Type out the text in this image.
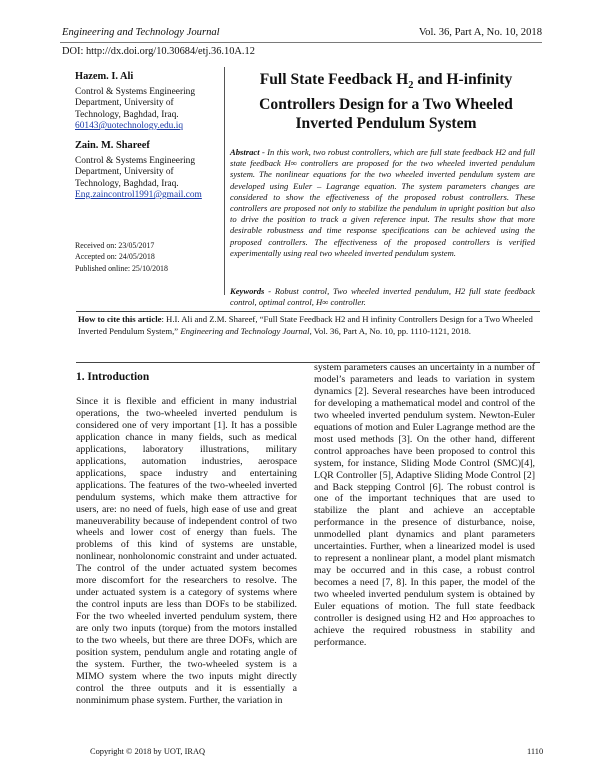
Engineering and Technology Journal	Vol. 36, Part A, No. 10, 2018
DOI: http://dx.doi.org/10.30684/etj.36.10A.12
Hazem. I. Ali
Control & Systems Engineering Department, University of Technology, Baghdad, Iraq.
60143@uotechnology.edu.iq
Zain. M. Shareef
Control & Systems Engineering Department, University of Technology, Baghdad, Iraq.
Eng.zaincontrol1991@gmail.com
Received on: 23/05/2017
Accepted on: 24/05/2018
Published online: 25/10/2018
Full State Feedback $H_2$ and H-infinity Controllers Design for a Two Wheeled Inverted Pendulum System
Abstract - In this work, two robust controllers, which are full state feedback H2 and full state feedback H∞ controllers are proposed for the two wheeled inverted pendulum system. The nonlinear equations for the two wheeled inverted pendulum system are developed using Euler – Lagrange equation. The system parameters changes are considered to show the effectiveness of the proposed robust controllers. These controllers are proposed not only to stabilize the pendulum in upright position but also to drive the position to track a given reference input. The results show that more desirable robustness and time response specifications can be achieved using the proposed controllers. The effectiveness of the proposed controllers is verified experimentally using real two wheeled inverted pendulum system.
Keywords - Robust control, Two wheeled inverted pendulum, H2 full state feedback control, optimal control, H∞ controller.
How to cite this article: H.I. Ali and Z.M. Shareef, “Full State Feedback H2 and H infinity Controllers Design for a Two Wheeled Inverted Pendulum System,” Engineering and Technology Journal, Vol. 36, Part A, No. 10, pp. 1110-1121, 2018.
1. Introduction
Since it is flexible and efficient in many industrial operations, the two-wheeled inverted pendulum is considered one of very important [1]. It has a possible application chance in many fields, such as medical applications, laboratory illustrations, military applications, automation industries, aerospace applications, space industry and entertaining applications. The features of the two-wheeled inverted pendulum systems, which make them attractive for users, are: no need of fuels, high ease of use and great maneuverability because of independent control of two wheels and lower cost of energy than fuels. The problems of this kind of systems are unstable, nonlinear, nonholonomic constraint and under actuated. The control of the under actuated system becomes more discomfort for the researchers to resolve. The under actuated system is a category of systems where the control inputs are less than DOFs to be stabilized. For the two wheeled inverted pendulum system, there are only two inputs (torque) from the motors installed to the two wheels, but there are three DOFs, which are position system, pendulum angle and rotating angle of the system. Further, the two-wheeled system is a MIMO system where the two inputs might directly control the three outputs and it is essentially a nonminimum phase system. Further, the variation in
system parameters causes an uncertainty in a number of model’s parameters and leads to variation in system dynamics [2]. Several researches have been introduced for developing a mathematical model and control of the two wheeled inverted pendulum system. Newton-Euler equations of motion and Euler Lagrange method are the most used methods [3]. On the other hand, different control approaches have been proposed to control this system, for instance, Sliding Mode Control (SMC)[4], LQR Controller [5], Adaptive Sliding Mode Control [2] and Back stepping Control [6]. The robust control is one of the important techniques that are used to stabilize the plant and achieve an acceptable performance in the presence of disturbance, noise, unmodelled plant dynamics and plant parameters uncertainties. Further, when a linearized model is used to represent a nonlinear plant, a model plant mismatch may be occurred and in this case, a robust control becomes a need [7, 8]. In this paper, the model of the two wheeled inverted pendulum system is obtained by Euler equations of motion. The full state feedback controller is designed using H2 and H∞ approaches to achieve the required robustness in stability and performance.
Copyright © 2018 by UOT, IRAQ	1110
